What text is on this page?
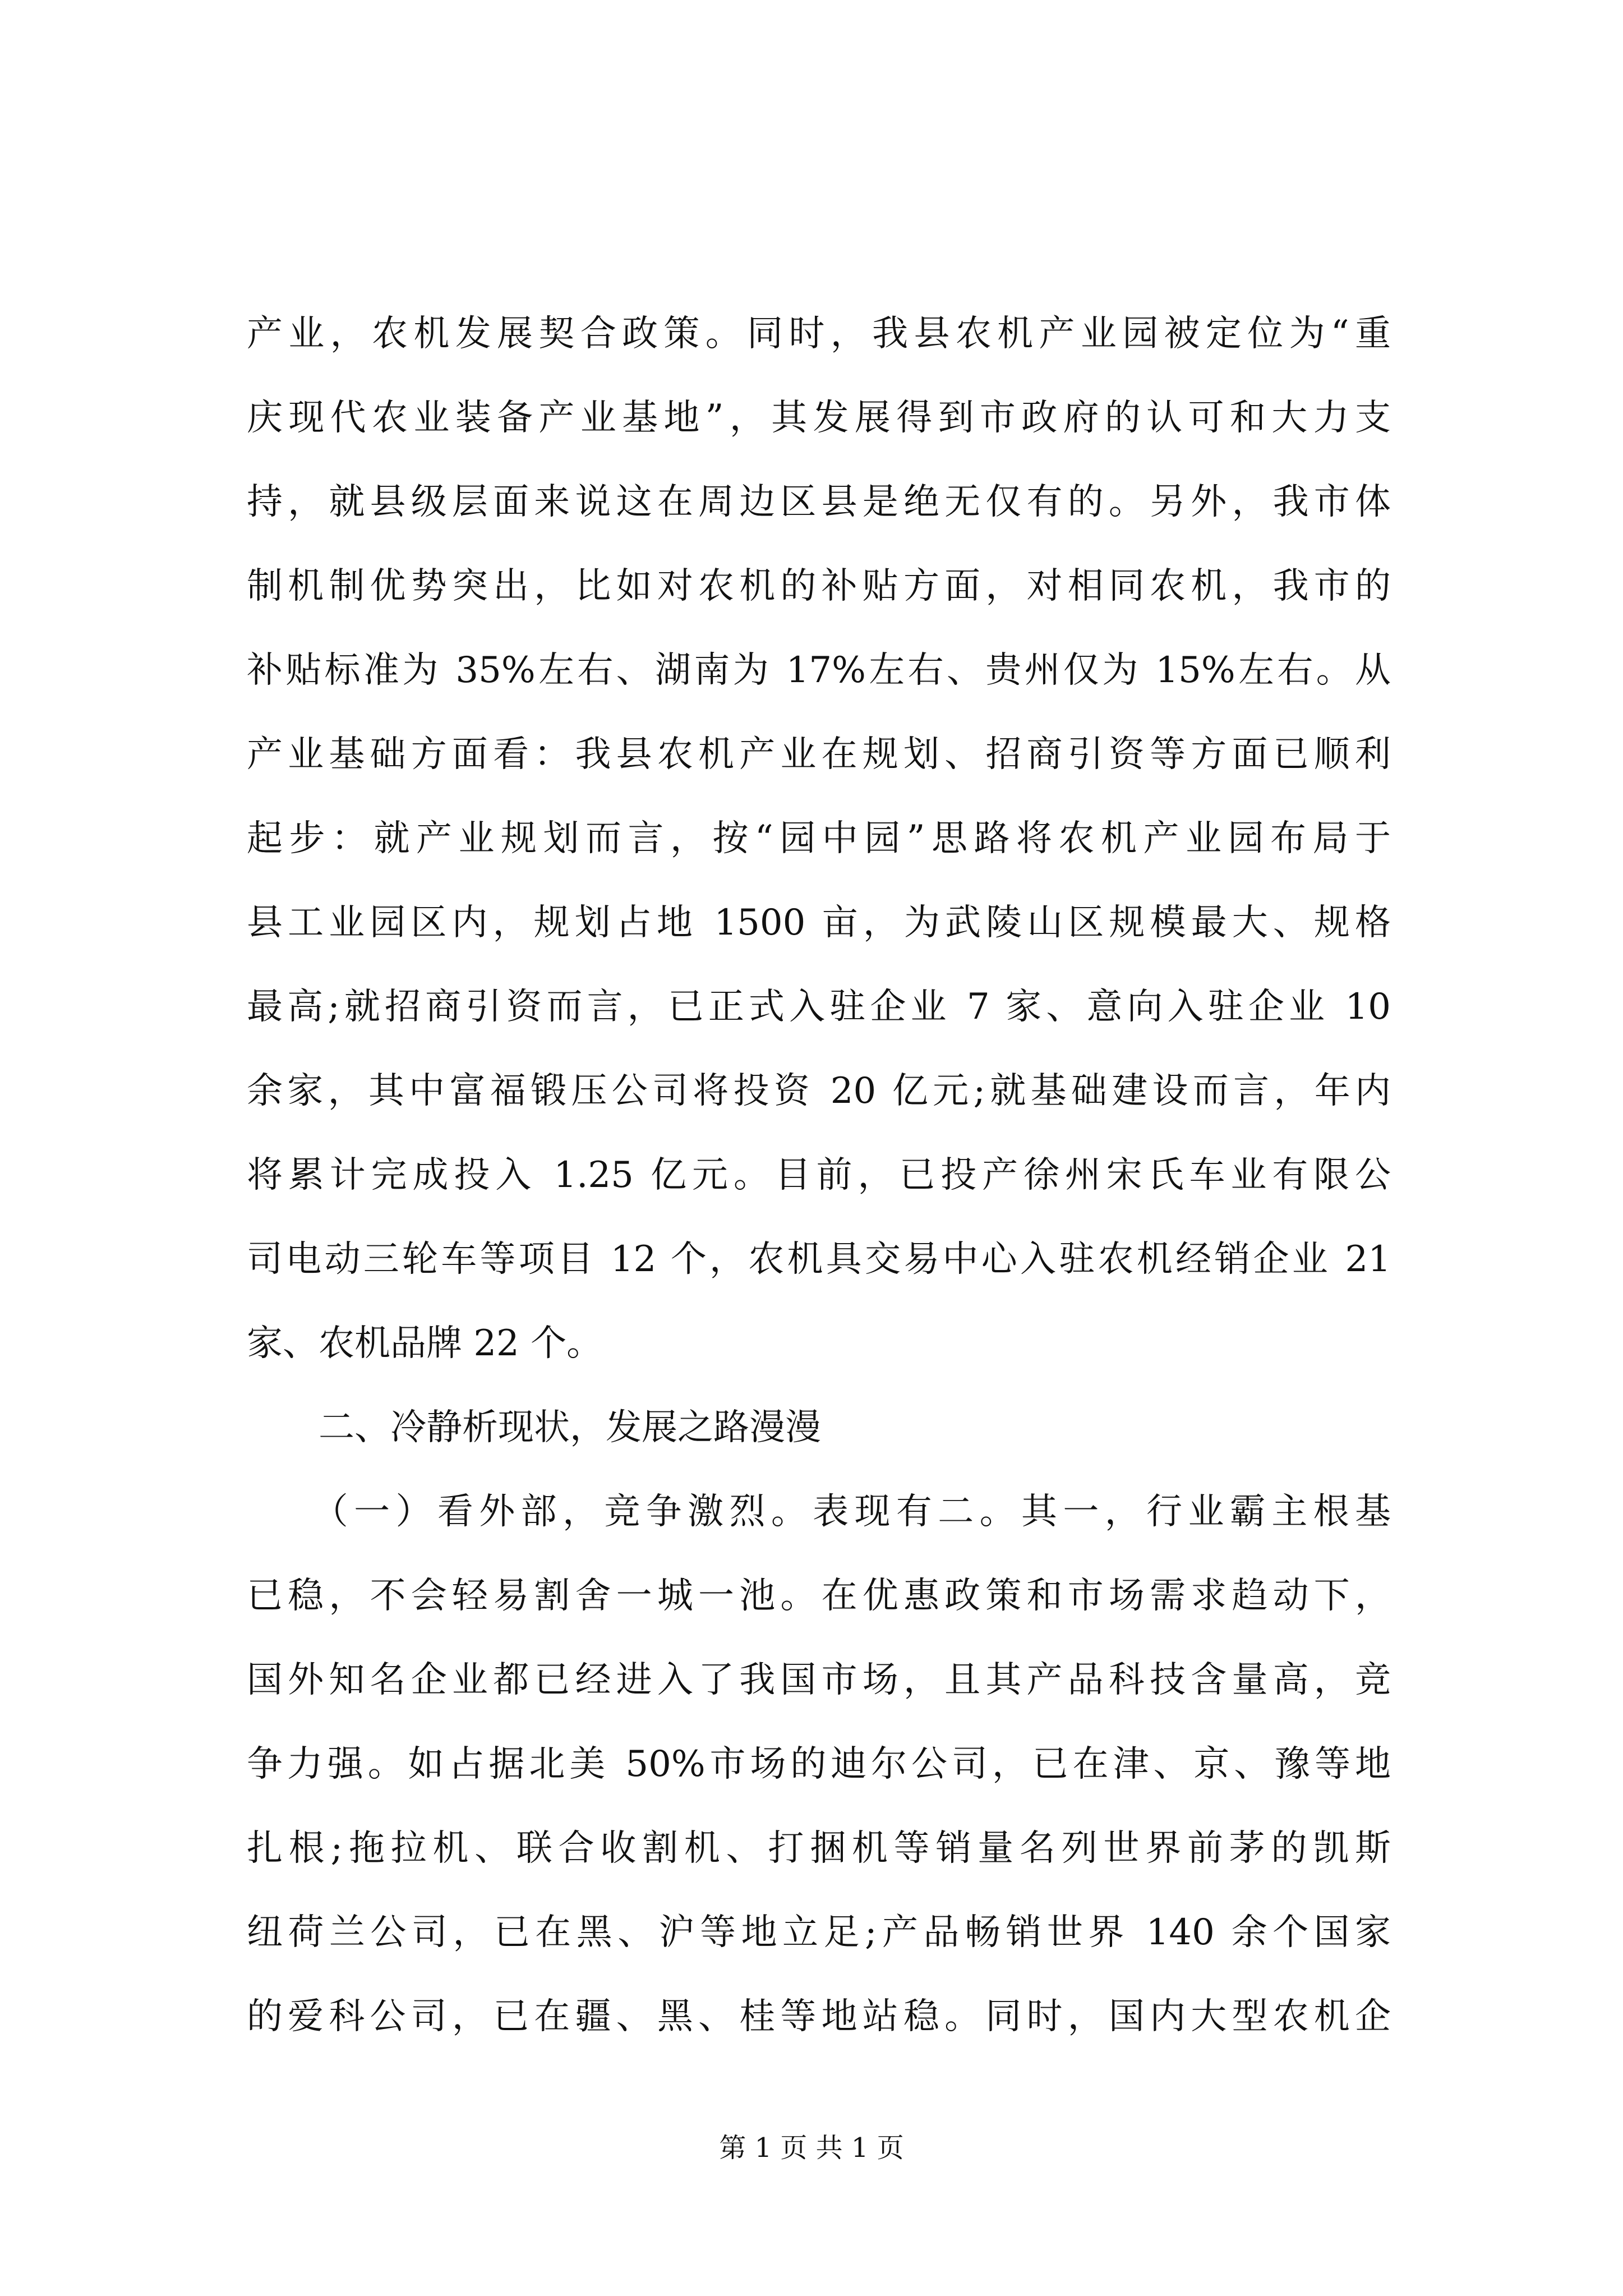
产业，农机发展契合政策。同时，我县农机产业园被定位为“重
庆现代农业装备产业基地”，其发展得到市政府的认可和大力支
持，就县级层面来说这在周边区县是绝无仅有的。另外，我市体
制机制优势突出，比如对农机的补贴方面，对相同农机，我市的
补贴标准为 35%左右、湖南为 17%左右、贵州仅为 15%左右。从
产业基础方面看：我县农机产业在规划、招商引资等方面已顺利
起步：就产业规划而言，按“园中园”思路将农机产业园布局于
县工业园区内，规划占地 1500 亩，为武陵山区规模最大、规格
最高;就招商引资而言，已正式入驻企业 7 家、意向入驻企业 10
余家，其中富福锻压公司将投资 20 亿元;就基础建设而言，年内
将累计完成投入 1.25 亿元。目前，已投产徐州宋氏车业有限公
司电动三轮车等项目 12 个，农机具交易中心入驻农机经销企业 21
家、农机品牌 22 个。
　　二、冷静析现状，发展之路漫漫
　　（一）看外部，竞争激烈。表现有二。其一，行业霸主根基
已稳，不会轻易割舍一城一池。在优惠政策和市场需求趋动下，
国外知名企业都已经进入了我国市场，且其产品科技含量高，竞
争力强。如占据北美 50%市场的迪尔公司，已在津、京、豫等地
扎根;拖拉机、联合收割机、打捆机等销量名列世界前茅的凯斯
纽荷兰公司，已在黑、沪等地立足;产品畅销世界 140 余个国家
的爱科公司，已在疆、黑、桂等地站稳。同时，国内大型农机企
第 1 页 共 1 页
